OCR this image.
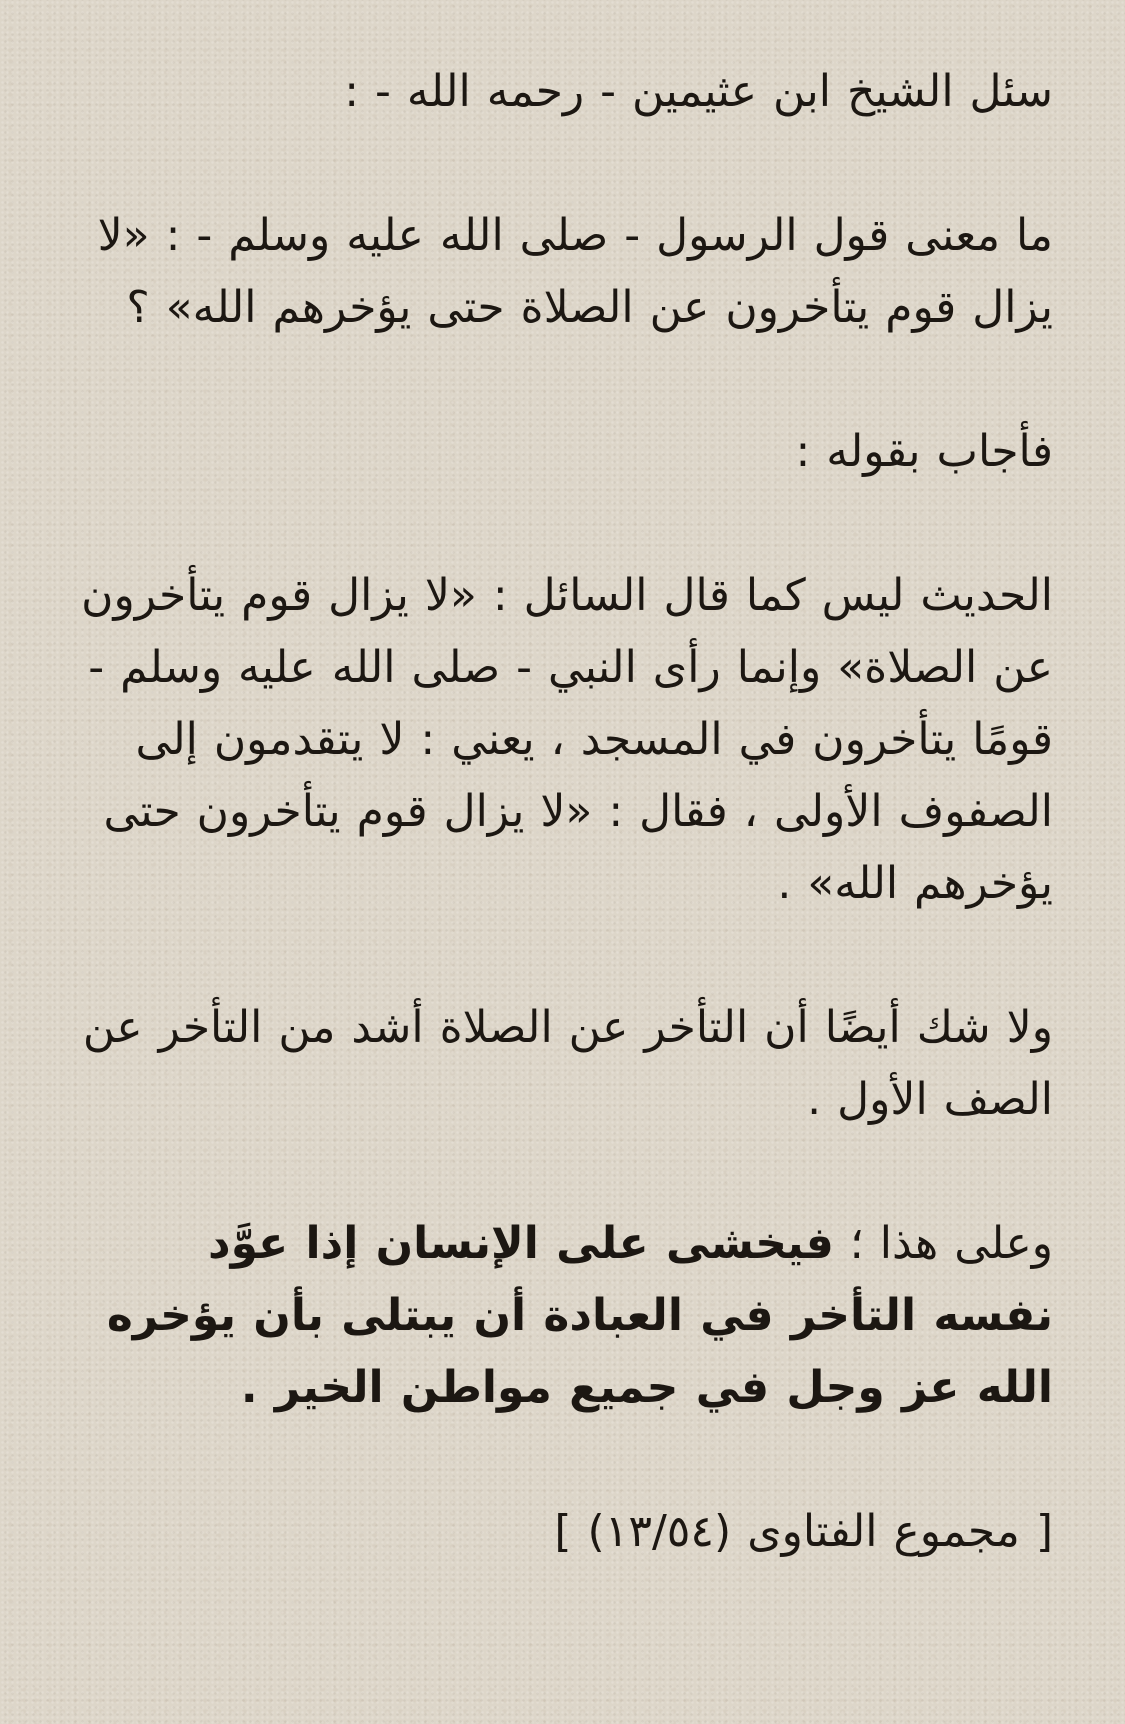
سئل الشيخ ابن عثيمين - رحمه الله - :

ما معنى قول الرسول - صلى الله عليه وسلم - : «لا يزال قوم يتأخرون عن الصلاة حتى يؤخرهم الله» ؟

فأجاب بقوله :

الحديث ليس كما قال السائل : «لا يزال قوم يتأخرون عن الصلاة» وإنما رأى النبي - صلى الله عليه وسلم - قومًا يتأخرون في المسجد ، يعني : لا يتقدمون إلى الصفوف الأولى ، فقال : «لا يزال قوم يتأخرون حتى يؤخرهم الله» .

ولا شك أيضًا أن التأخر عن الصلاة أشد من التأخر عن الصف الأول .

وعلى هذا ؛ فيخشى على الإنسان إذا عوَّد نفسه التأخر في العبادة أن يبتلى بأن يؤخره الله عز وجل في جميع مواطن الخير .

[ مجموع الفتاوى (١٣/٥٤) ]
